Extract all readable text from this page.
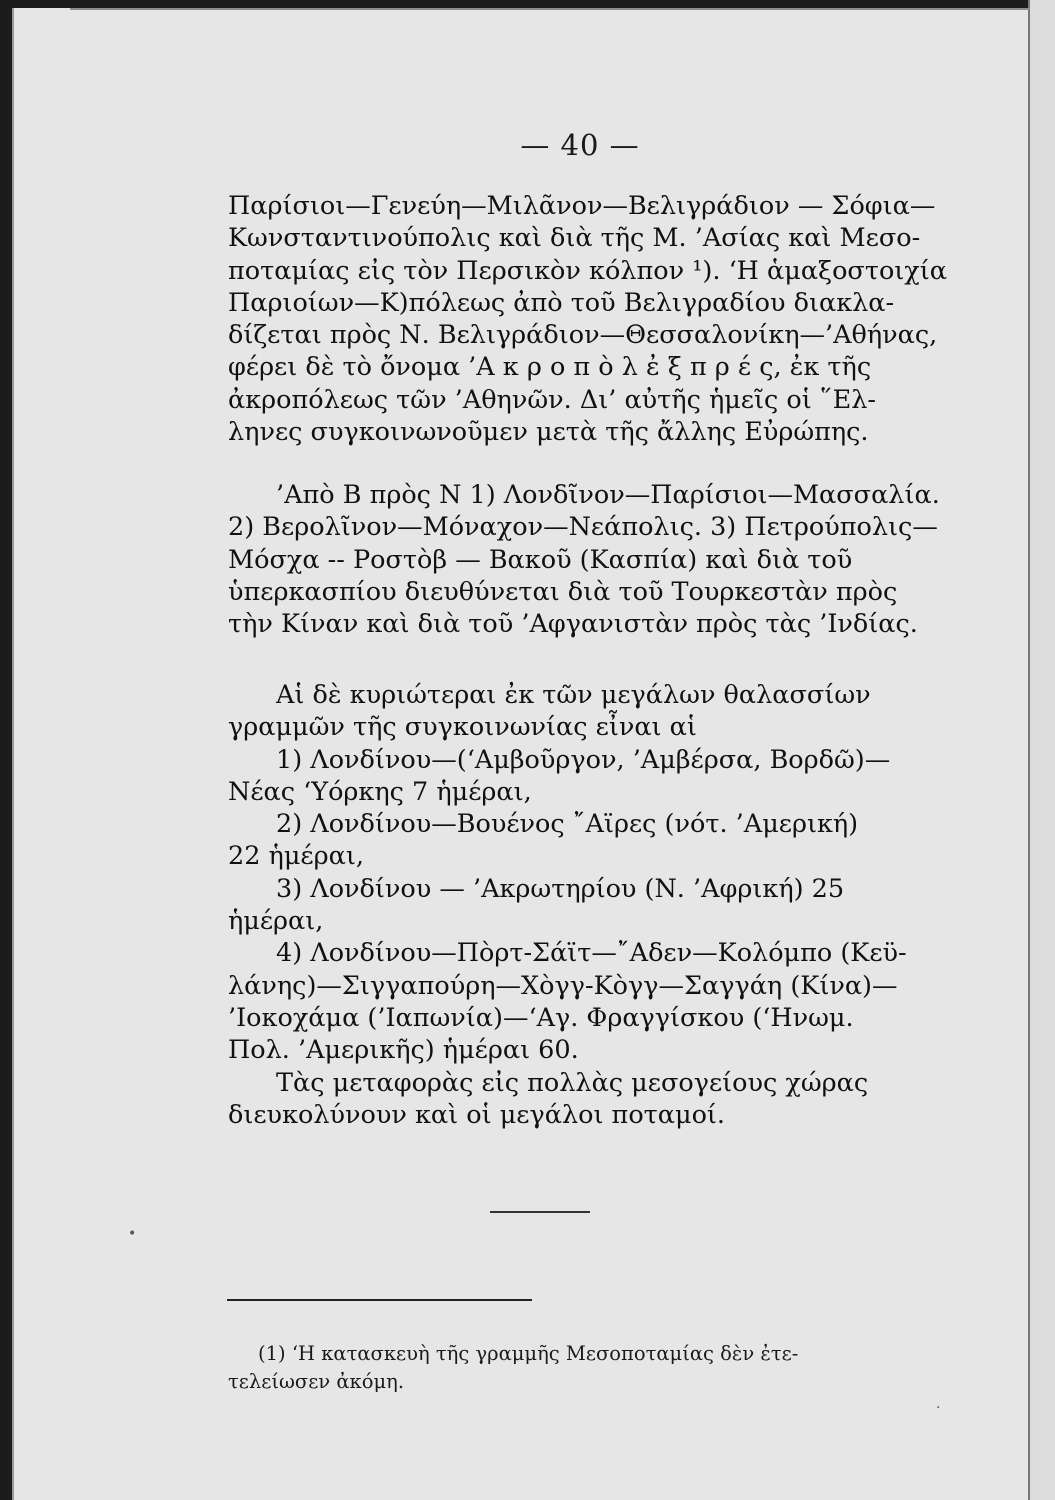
— 40 —
Παρίσιοι—Γενεύη—Μιλᾶνον—Βελιγράδιον — Σόφια—
Κωνσταντινούπολις καὶ διὰ τῆς Μ. ’Ασίας καὶ Μεσο-
ποταμίας εἰς τὸν Περσικὸν κόλπον ¹). ‘Η ἁμαξοστοιχία
Παριοίων—Κ)πόλεως ἀπὸ τοῦ Βελιγραδίου διακλα-
δίζεται πρὸς Ν. Βελιγράδιον—Θεσσαλονίκη—’Αθήνας,
φέρει δὲ τὸ ὄνομα ’Α κ ρ ο π ὸ λ ἐ ξ π ρ έ ς, ἐκ τῆς
ἀκροπόλεως τῶν ’Αθηνῶν. Δι’ αὐτῆς ἡμεῖς οἱ ῞Ελ-
ληνες συγκοινωνοῦμεν μετὰ τῆς ἄλλης Εὐρώπης.
’Απὸ Β πρὸς Ν 1) Λονδῖνον—Παρίσιοι—Μασσαλία.
2) Βερολῖνον—Μόναχον—Νεάπολις. 3) Πετρούπολις—
Μόσχα -- Ροστὸβ — Βακοῦ (Κασπία) καὶ διὰ τοῦ
ὑπερκασπίου διευθύνεται διὰ τοῦ Τουρκεστὰν πρὸς
τὴν Κίναν καὶ διὰ τοῦ ’Αφγανιστὰν πρὸς τὰς ’Ινδίας.
Αἱ δὲ κυριώτεραι ἐκ τῶν μεγάλων θαλασσίων
γραμμῶν τῆς συγκοινωνίας εἶναι αἱ
1) Λονδίνου—(‘Αμβοῦργον, ’Αμβέρσα, Βορδῶ)—
Νέας ‘Υόρκης 7 ἡμέραι,
2) Λονδίνου—Βουένος ῎Αϊρες (νότ. ’Αμερική)
22 ἡμέραι,
3) Λονδίνου — ’Ακρωτηρίου (Ν. ’Αφρική) 25
ἡμέραι,
4) Λονδίνου—Πὸρτ-Σάϊτ—῎Αδεν—Κολόμπο (Κεϋ-
λάνης)—Σιγγαπούρη—Χὸγγ-Κὸγγ—Σαγγάη (Κίνα)—
’Ιοκοχάμα (’Ιαπωνία)—‘Αγ. Φραγγίσκου (‘Ηνωμ.
Πολ. ’Αμερικῆς) ἡμέραι 60.
Τὰς μεταφορὰς εἰς πολλὰς μεσογείους χώρας
διευκολύνουν καὶ οἱ μεγάλοι ποταμοί.
(1) ‘Η κατασκευὴ τῆς γραμμῆς Μεσοποταμίας δὲν ἐτε-
τελείωσεν ἀκόμη.
•
·
